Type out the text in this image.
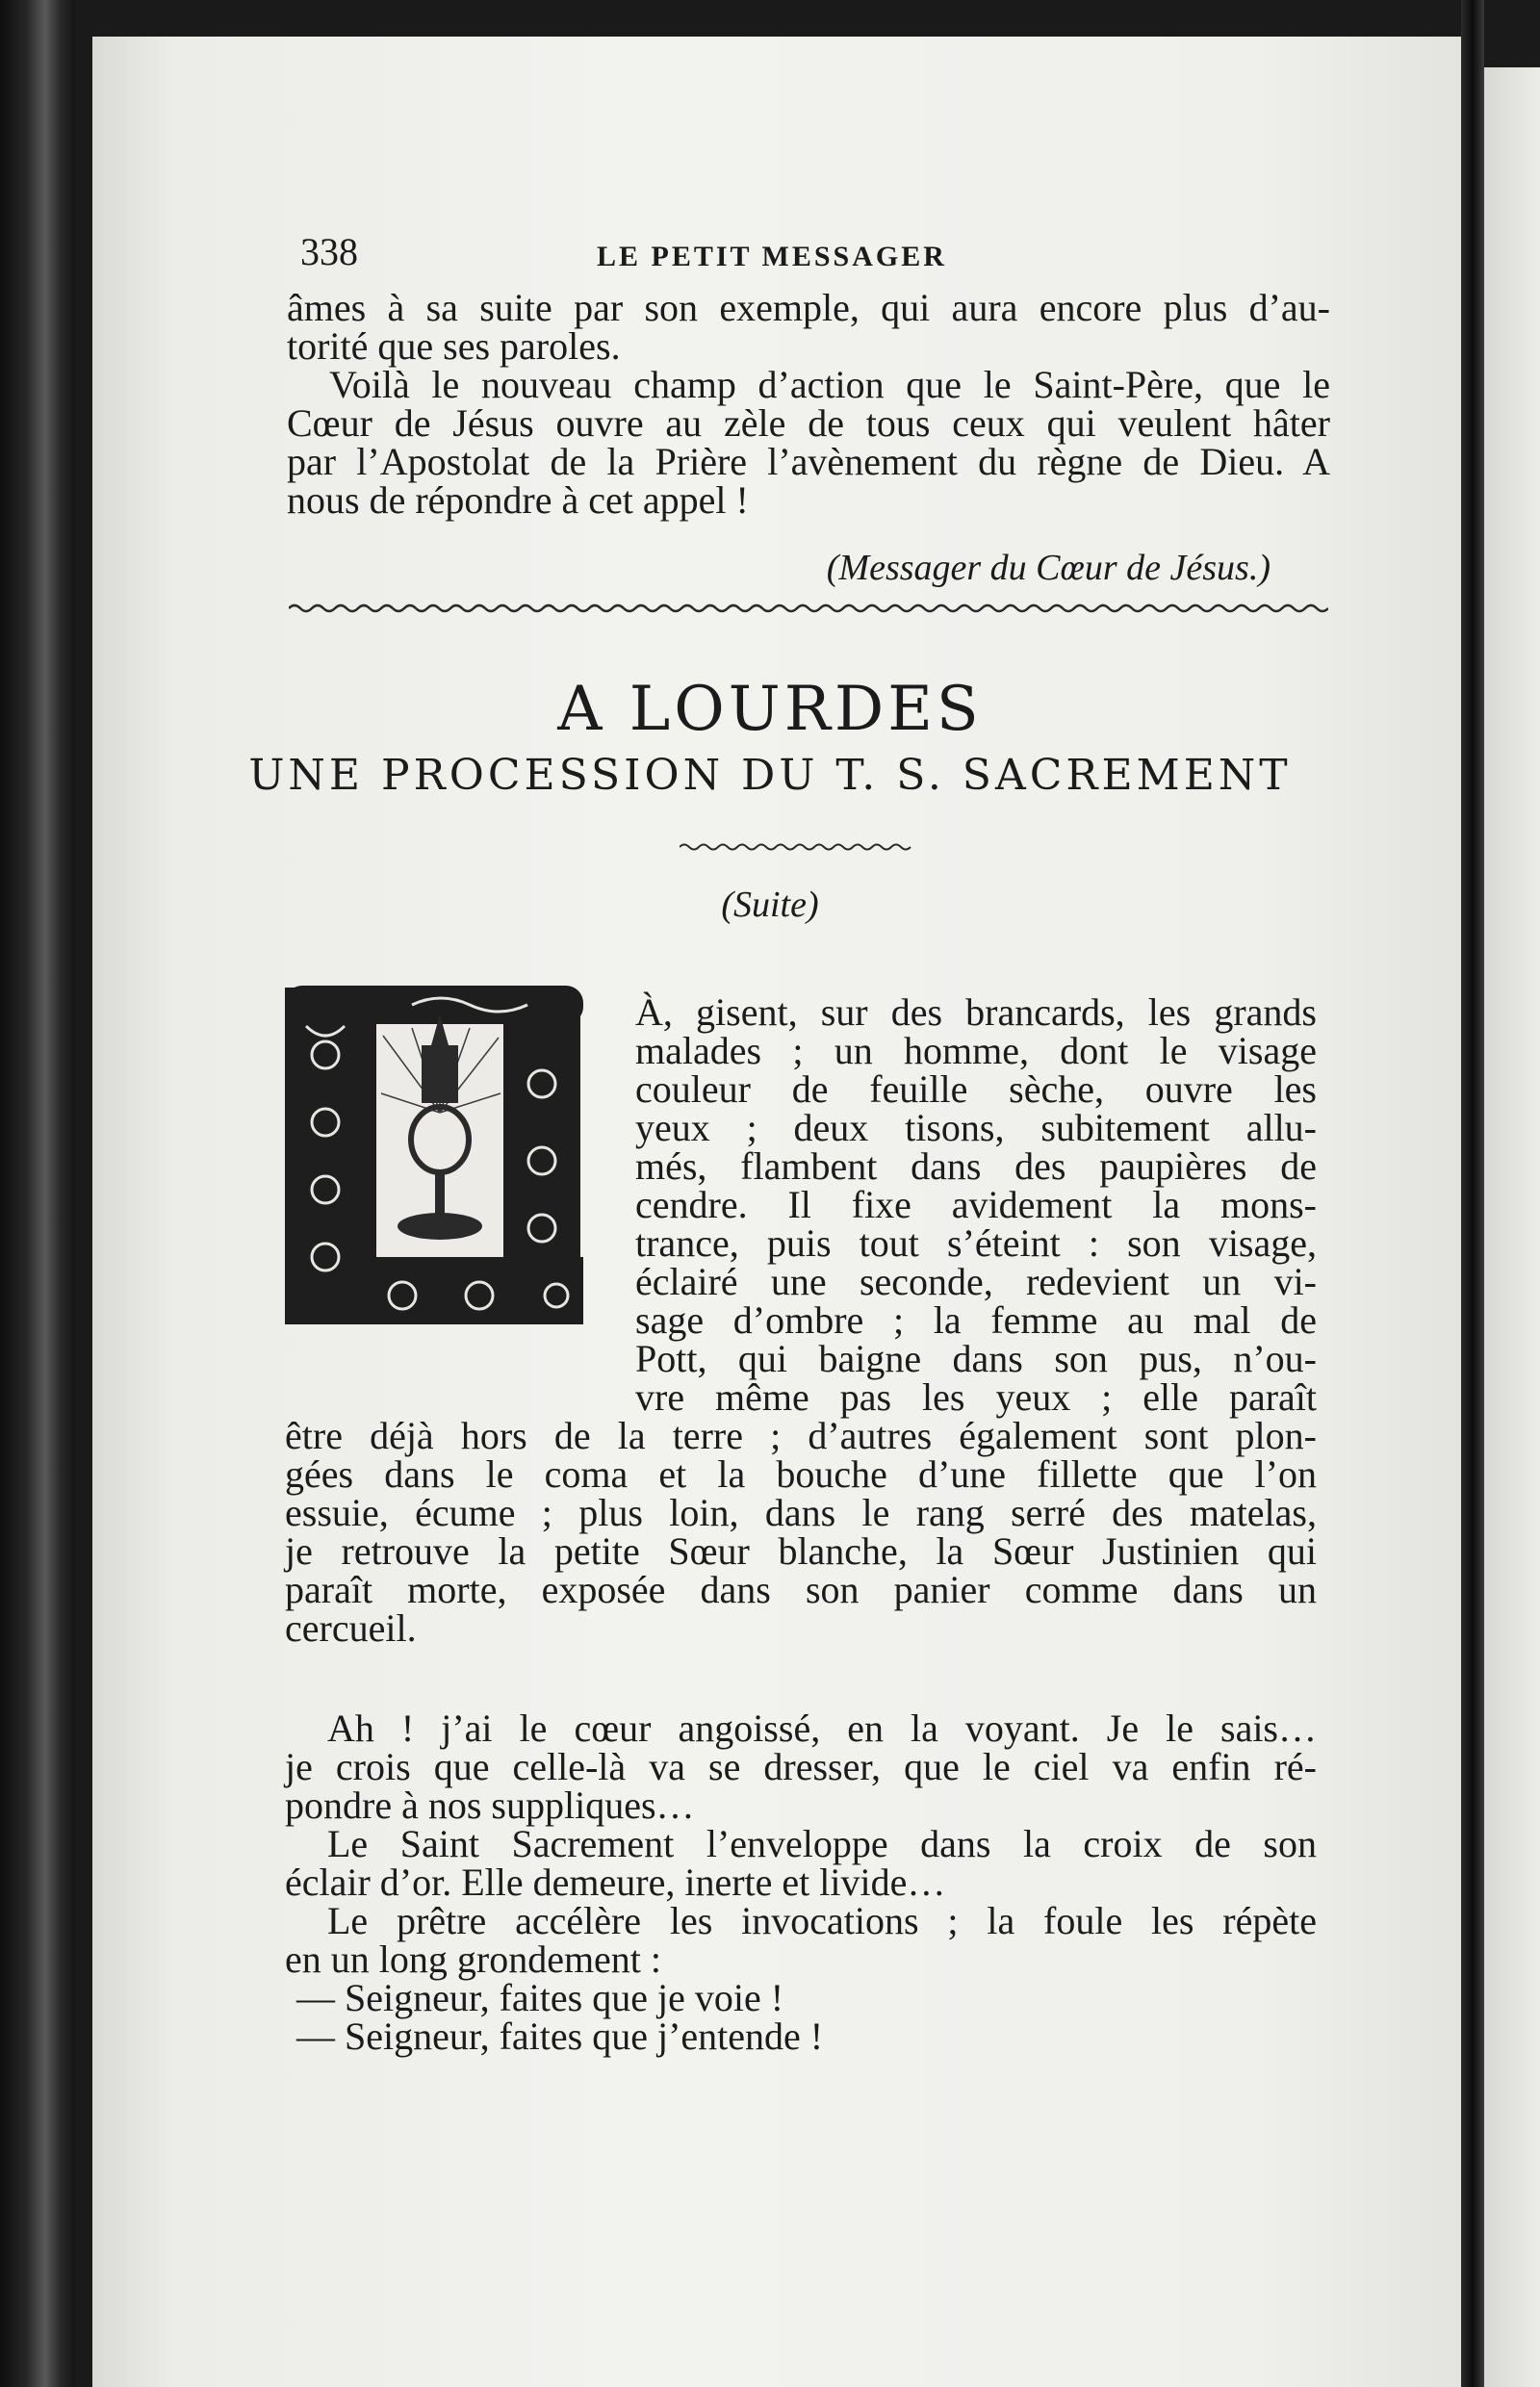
338	LE PETIT MESSAGER
âmes à sa suite par son exemple, qui aura encore plus d’au-
torité que ses paroles.
Voilà le nouveau champ d’action que le Saint-Père, que le
Cœur de Jésus ouvre au zèle de tous ceux qui veulent hâter
par l’Apostolat de la Prière l’avènement du règne de Dieu. A
nous de répondre à cet appel !
(Messager du Cœur de Jésus.)
A LOURDES
UNE PROCESSION DU T. S. SACREMENT
(Suite)
À, gisent, sur des brancards, les grands
malades ; un homme, dont le visage
couleur de feuille sèche, ouvre les
yeux ; deux tisons, subitement allu-
més, flambent dans des paupières de
cendre. Il fixe avidement la mons-
trance, puis tout s’éteint : son visage,
éclairé une seconde, redevient un vi-
sage d’ombre ; la femme au mal de
Pott, qui baigne dans son pus, n’ou-
vre même pas les yeux ; elle paraît
être déjà hors de la terre ; d’autres également sont plon-
gées dans le coma et la bouche d’une fillette que l’on
essuie, écume ; plus loin, dans le rang serré des matelas,
je retrouve la petite Sœur blanche, la Sœur Justinien qui
paraît morte, exposée dans son panier comme dans un
cercueil.
Ah ! j’ai le cœur angoissé, en la voyant. Je le sais…
je crois que celle-là va se dresser, que le ciel va enfin ré-
pondre à nos suppliques…
Le Saint Sacrement l’enveloppe dans la croix de son
éclair d’or. Elle demeure, inerte et livide…
Le prêtre accélère les invocations ; la foule les répète
en un long grondement :
— Seigneur, faites que je voie !
— Seigneur, faites que j’entende !
